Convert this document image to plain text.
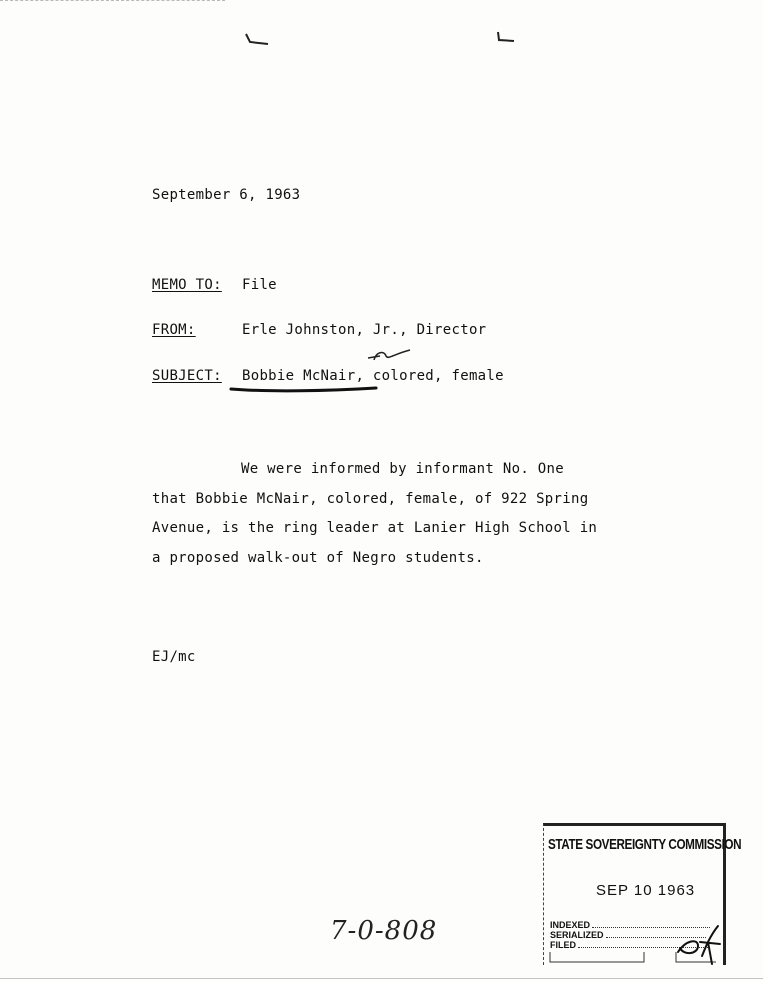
September 6, 1963
MEMO TO: File
FROM:	Erle Johnston, Jr., Director
SUBJECT: Bobbie McNair, colored, female

We were informed by informant No. One

that Bobbie McNair, colored, female, of 922 Spring

Avenue, is the ring leader at Lanier High School in

a proposed walk-out of Negro students.

EJ/mc
7-0-808
STATE SOVEREIGNTY COMMISSION
SEP 10 1963
INDEXED
SERIALIZED
FILED
